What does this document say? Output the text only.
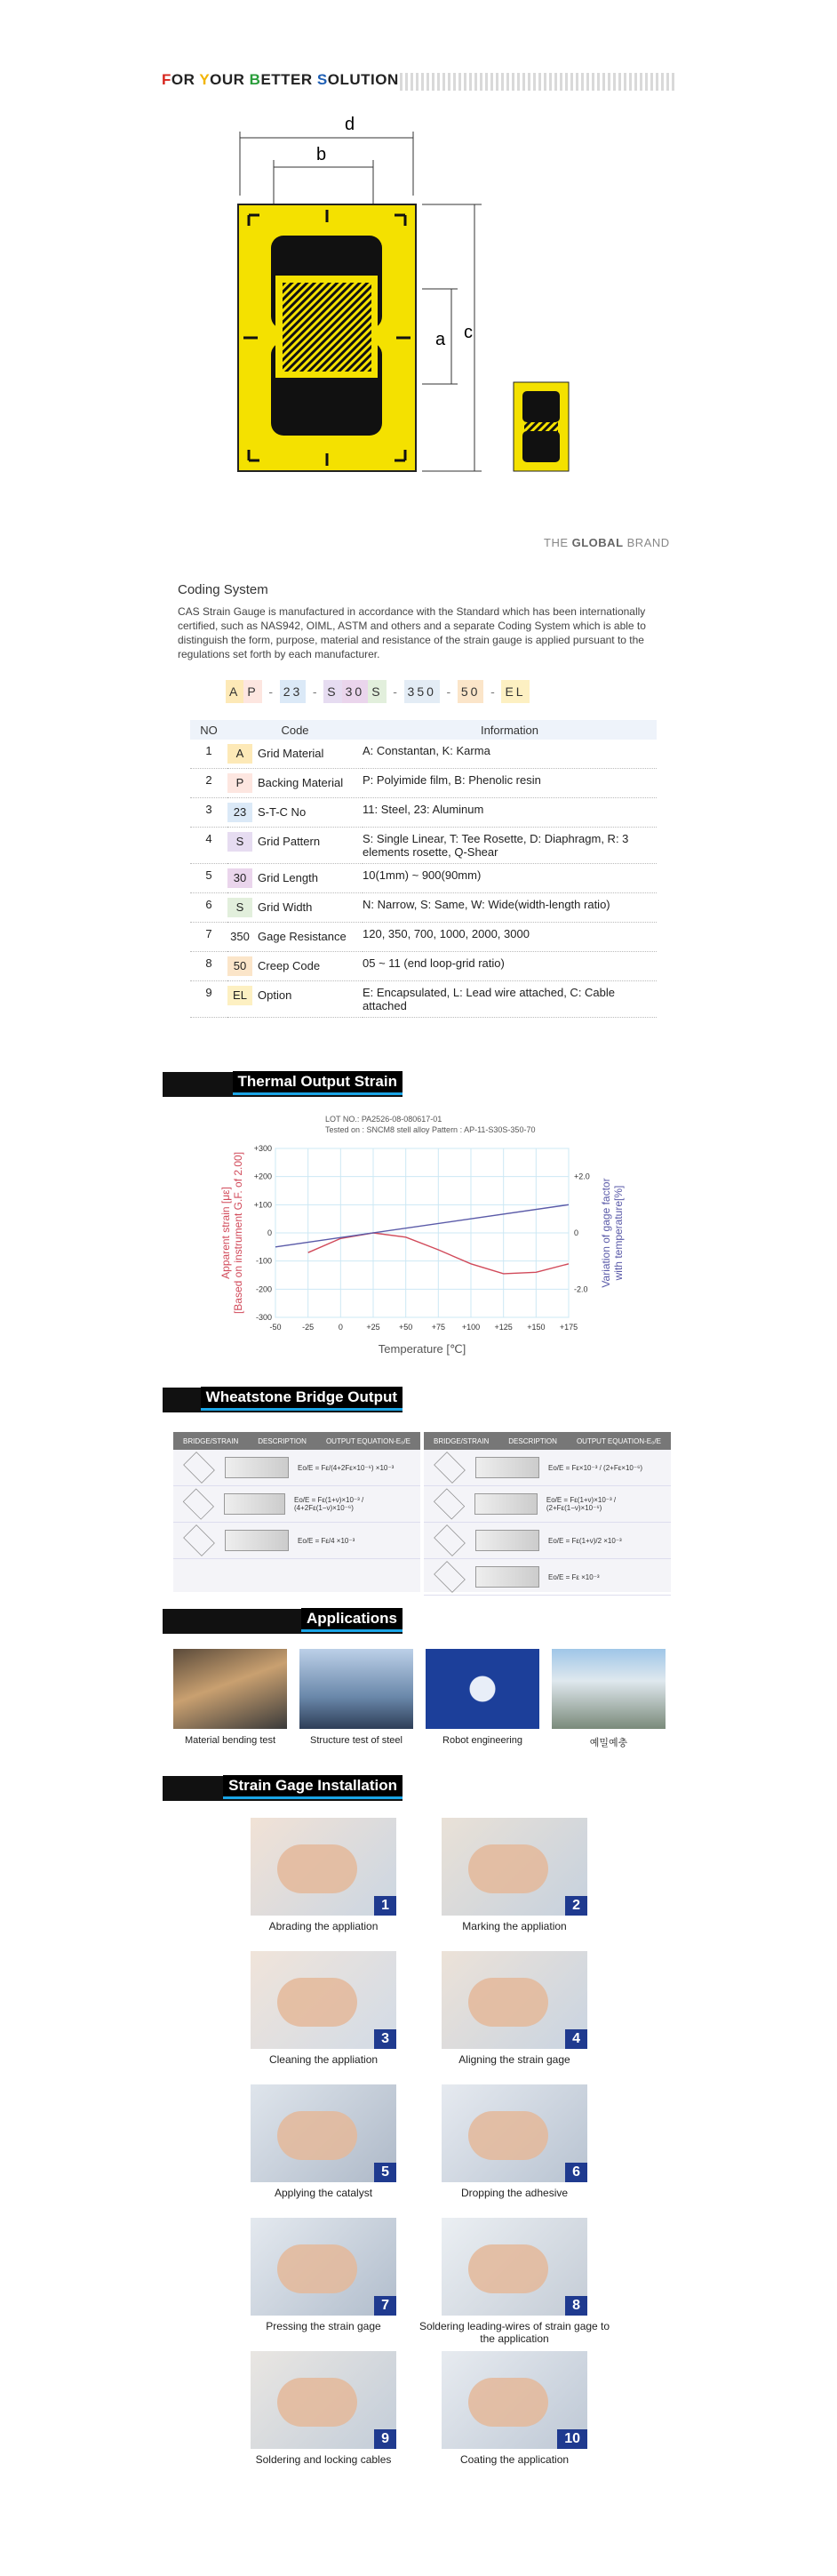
FOR YOUR BETTER SOLUTION
d
b
c
a
THE GLOBAL BRAND
Coding System
CAS Strain Gauge is manufactured in accordance with the Standard which has been internationally certified, such as NAS942, OIML, ASTM and others and a separate Coding System which is able to distinguish the form, purpose, material and resistance of the strain gauge is applied pursuant to the regulations set forth by each manufacturer.
A P - 23 - S 30 S - 350 - 50 - EL
NO	Code	Information
1	A Grid Material	A: Constantan, K: Karma
2	P Backing Material	P: Polyimide film, B: Phenolic resin
3	23 S-T-C No	11: Steel, 23: Aluminum
4	S Grid Pattern	S: Single Linear, T: Tee Rosette, D: Diaphragm, R: 3 elements rosette, Q-Shear
5	30 Grid Length	10(1mm) ~ 900(90mm)
6	S Grid Width	N: Narrow, S: Same, W: Wide(width-length ratio)
7	350 Gage Resistance	120, 350, 700, 1000, 2000, 3000
8	50 Creep Code	05 ~ 11 (end loop-grid ratio)
9	EL Option	E: Encapsulated, L: Lead wire attached, C: Cable attached
Thermal Output Strain
LOT NO.: PA2526-08-080617-01
Tested on : SNCM8 stell alloy Pattern : AP-11-S30S-350-70
-50	-25	0	+25 +50 +75 +100 +125 +150 +175
+300
+200
+100
0
-100
-200
-300
+2.0
0
-2.0
Temperature [℃]
Apparent strain [με] [Based on instrument G.F. of 2.00]	Variation of gage factor with temperature[%]
Wheatstone Bridge Output
BRIDGE/STRAIN	DESCRIPTION	OUTPUT EQUATION-E₀/E
Eo/E = Fε/(4+2Fε×10⁻⁶) ×10⁻³
Eo/E = Fε(1+ν)×10⁻³ / (4+2Fε(1−ν)×10⁻⁶)
Eo/E = Fε/4 ×10⁻³
BRIDGE/STRAIN	DESCRIPTION	OUTPUT EQUATION-E₀/E
Eo/E = Fε×10⁻³ / (2+Fε×10⁻⁶)
Eo/E = Fε(1+ν)×10⁻³ / (2+Fε(1−ν)×10⁻⁶)
Eo/E = Fε(1+ν)/2 ×10⁻³
Eo/E = Fε ×10⁻³
Applications
Material bending test	Structure test of steel	Robot engineering	예밀예충
Strain Gage Installation
1
Abrading the appliation
2
Marking the appliation
3
Cleaning the appliation
4
Aligning the strain gage
5
Applying the catalyst
6
Dropping the adhesive
7
Pressing the strain gage
8
Soldering leading-wires of strain gage to the application
9
Soldering and locking cables
10
Coating the application
